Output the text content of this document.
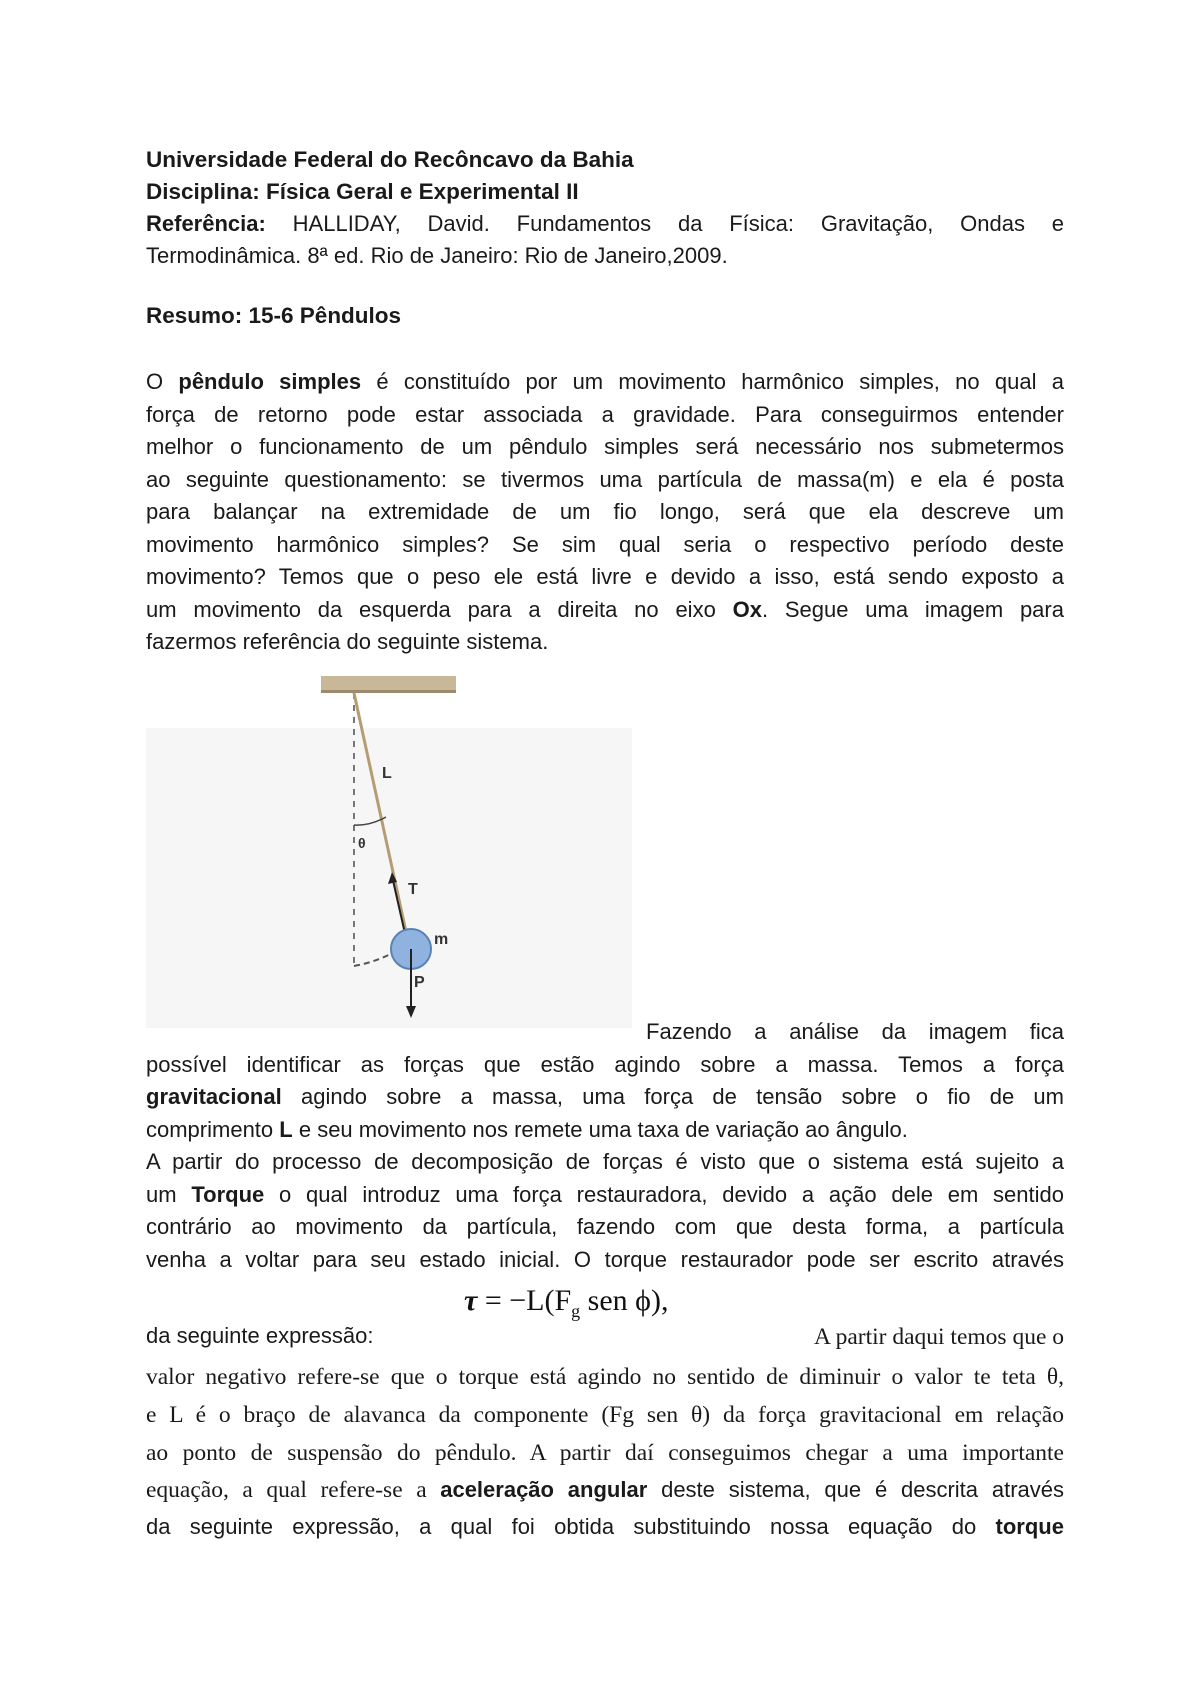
Universidade Federal do Recôncavo da Bahia
Disciplina: Física Geral e Experimental II
Referência: HALLIDAY, David. Fundamentos da Física: Gravitação, Ondas e
Termodinâmica. 8ª ed. Rio de Janeiro: Rio de Janeiro,2009.
Resumo: 15-6 Pêndulos

O pêndulo simples é constituído por um movimento harmônico simples, no qual a

força de retorno pode estar associada a gravidade. Para conseguirmos entender

melhor o funcionamento de um pêndulo simples será necessário nos submetermos

ao seguinte questionamento: se tivermos uma partícula de massa(m) e ela é posta

para balançar na extremidade de um fio longo, será que ela descreve um

movimento harmônico simples? Se sim qual seria o respectivo período deste

movimento? Temos que o peso ele está livre e devido a isso, está sendo exposto a

um movimento da esquerda para a direita no eixo Ox. Segue uma imagem para

fazermos referência do seguinte sistema.

L
θ
T
m
P

Fazendo a análise da imagem fica

possível identificar as forças que estão agindo sobre a massa. Temos a força

gravitacional agindo sobre a massa, uma força de tensão sobre o fio de um

comprimento L e seu movimento nos remete uma taxa de variação ao ângulo.

A partir do processo de decomposição de forças é visto que o sistema está sujeito a

um Torque o qual introduz uma força restauradora, devido a ação dele em sentido

contrário ao movimento da partícula, fazendo com que desta forma, a partícula

venha a voltar para seu estado inicial. O torque restaurador pode ser escrito através

$\tau = -L(F_g$ sen ϕ),
da seguinte expressão:	A partir daqui temos que o

valor negativo refere-se que o torque está agindo no sentido de diminuir o valor te teta θ,

e L é o braço de alavanca da componente (Fg sen θ) da força gravitacional em relação

ao ponto de suspensão do pêndulo. A partir daí conseguimos chegar a uma importante

equação, a qual refere-se a aceleração angular deste sistema, que é descrita através

da seguinte expressão, a qual foi obtida substituindo nossa equação do torque
